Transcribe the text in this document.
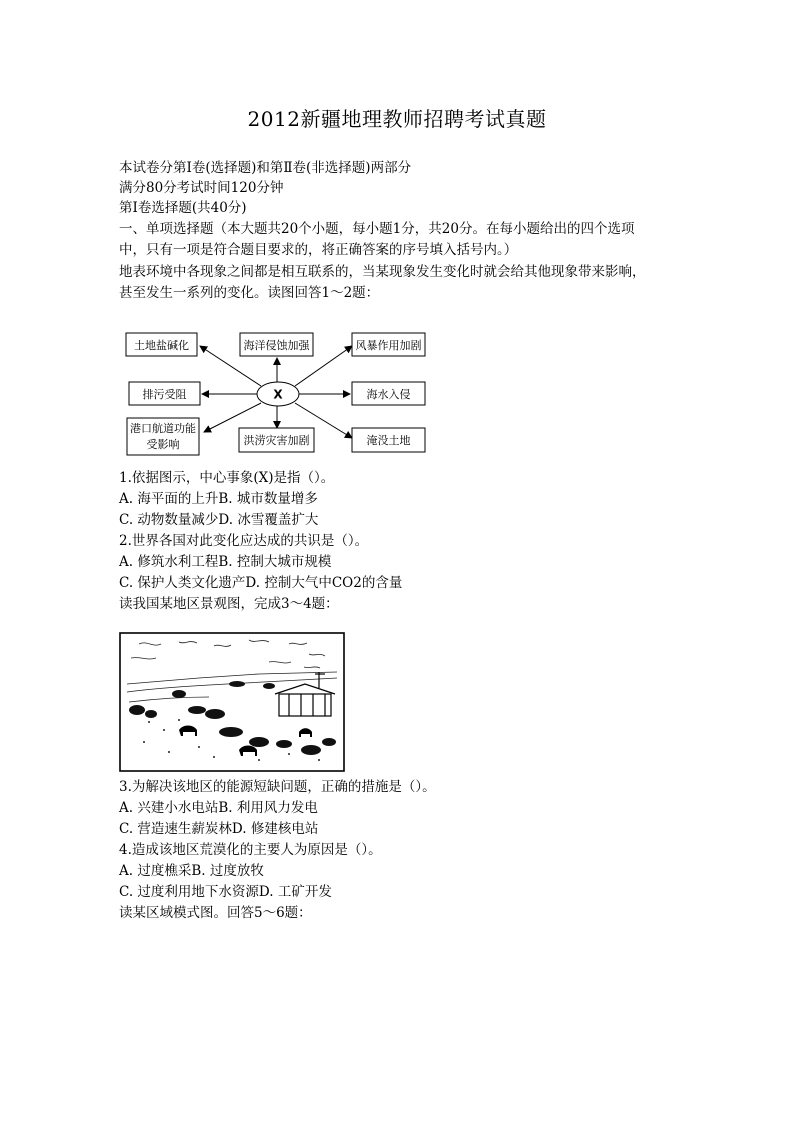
2012新疆地理教师招聘考试真题
本试卷分第Ⅰ卷(选择题)和第Ⅱ卷(非选择题)两部分
满分80分考试时间120分钟
第Ⅰ卷选择题(共40分)
一、单项选择题（本大题共20个小题，每小题1分，共20分。在每小题给出的四个选项
中，只有一项是符合题目要求的，将正确答案的序号填入括号内。）
地表环境中各现象之间都是相互联系的，当某现象发生变化时就会给其他现象带来影响，
甚至发生一系列的变化。读图回答1～2题：
X
土地盐碱化	海洋侵蚀加强	风暴作用加剧
排污受阻	海水入侵
港口航道功能
受影响	洪涝灾害加剧	淹没土地
1.依据图示，中心事象(X)是指（）。
A. 海平面的上升B. 城市数量增多
C. 动物数量减少D. 冰雪覆盖扩大
2.世界各国对此变化应达成的共识是（）。
A. 修筑水利工程B. 控制大城市规模
C. 保护人类文化遗产D. 控制大气中CO2的含量
读我国某地区景观图，完成3～4题：
3.为解决该地区的能源短缺问题，正确的措施是（）。
A. 兴建小水电站B. 利用风力发电
C. 营造速生薪炭林D. 修建核电站
4.造成该地区荒漠化的主要人为原因是（）。
A. 过度樵采B. 过度放牧
C. 过度利用地下水资源D. 工矿开发
读某区域模式图。回答5～6题：
